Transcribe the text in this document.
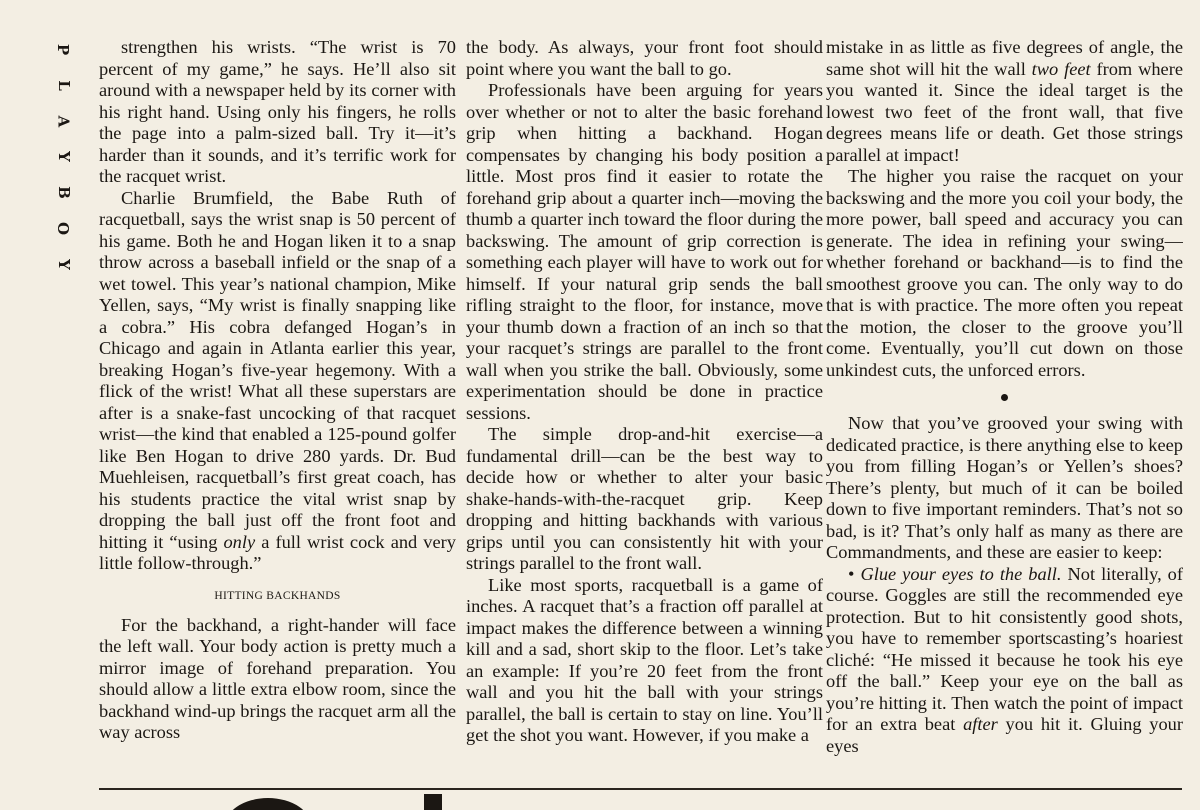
P
L
A
Y
B
O
Y

strengthen his wrists. “The wrist is 70 percent of my game,” he says. He’ll also sit around with a newspaper held by its corner with his right hand. Using only his fingers, he rolls the page into a palm-sized ball. Try it—it’s harder than it sounds, and it’s terrific work for the racquet wrist.

Charlie Brumfield, the Babe Ruth of racquetball, says the wrist snap is 50 percent of his game. Both he and Hogan liken it to a snap throw across a baseball infield or the snap of a wet towel. This year’s national champion, Mike Yellen, says, “My wrist is finally snapping like a cobra.” His cobra defanged Hogan’s in Chicago and again in Atlanta earlier this year, breaking Hogan’s five-year hegemony. With a flick of the wrist! What all these superstars are after is a snake-fast uncocking of that racquet wrist—the kind that enabled a 125-pound golfer like Ben Hogan to drive 280 yards. Dr. Bud Muehleisen, racquetball’s first great coach, has his students practice the vital wrist snap by dropping the ball just off the front foot and hitting it “using only a full wrist cock and very little follow-through.”

HITTING BACKHANDS

For the backhand, a right-hander will face the left wall. Your body action is pretty much a mirror image of forehand preparation. You should allow a little extra elbow room, since the backhand wind-up brings the racquet arm all the way across

the body. As always, your front foot should point where you want the ball to go.

Professionals have been arguing for years over whether or not to alter the basic forehand grip when hitting a backhand. Hogan compensates by changing his body position a little. Most pros find it easier to rotate the forehand grip about a quarter inch—moving the thumb a quarter inch toward the floor during the backswing. The amount of grip correction is something each player will have to work out for himself. If your natural grip sends the ball rifling straight to the floor, for instance, move your thumb down a fraction of an inch so that your racquet’s strings are parallel to the front wall when you strike the ball. Obviously, some experimentation should be done in practice sessions.

The simple drop-and-hit exercise—a fundamental drill—can be the best way to decide how or whether to alter your basic shake-hands-with-the-racquet grip. Keep dropping and hitting backhands with various grips until you can consistently hit with your strings parallel to the front wall.

Like most sports, racquetball is a game of inches. A racquet that’s a fraction off parallel at impact makes the difference between a winning kill and a sad, short skip to the floor. Let’s take an example: If you’re 20 feet from the front wall and you hit the ball with your strings parallel, the ball is certain to stay on line. You’ll get the shot you want. However, if you make a

mistake in as little as five degrees of angle, the same shot will hit the wall two feet from where you wanted it. Since the ideal target is the lowest two feet of the front wall, that five degrees means life or death. Get those strings parallel at impact!

The higher you raise the racquet on your backswing and the more you coil your body, the more power, ball speed and accuracy you can generate. The idea in refining your swing—whether forehand or backhand—is to find the smoothest groove you can. The only way to do that is with practice. The more often you repeat the motion, the closer to the groove you’ll come. Eventually, you’ll cut down on those unkindest cuts, the unforced errors.

Now that you’ve grooved your swing with dedicated practice, is there anything else to keep you from filling Hogan’s or Yellen’s shoes? There’s plenty, but much of it can be boiled down to five important reminders. That’s not so bad, is it? That’s only half as many as there are Commandments, and these are easier to keep:

• Glue your eyes to the ball. Not literally, of course. Goggles are still the recommended eye protection. But to hit consistently good shots, you have to remember sportscasting’s hoariest cliché: “He missed it because he took his eye off the ball.” Keep your eye on the ball as you’re hitting it. Then watch the point of impact for an extra beat after you hit it. Gluing your eyes
